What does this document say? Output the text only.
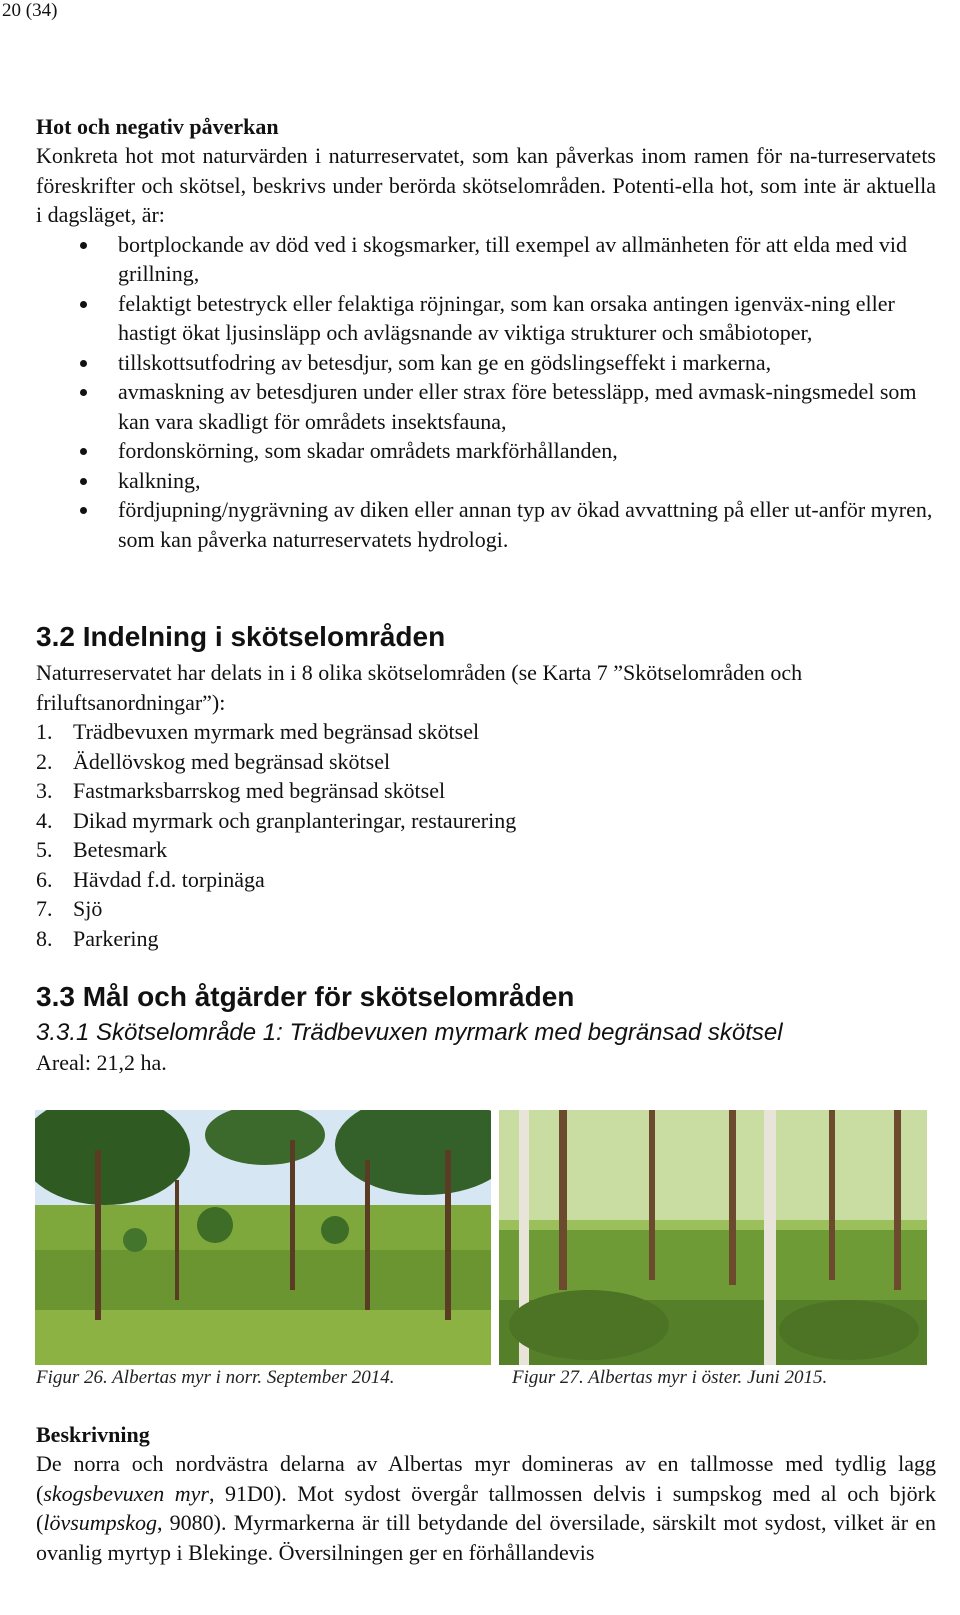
20 (34)
Hot och negativ påverkan
Konkreta hot mot naturvärden i naturreservatet, som kan påverkas inom ramen för na-turreservatets föreskrifter och skötsel, beskrivs under berörda skötselområden. Potenti-ella hot, som inte är aktuella i dagsläget, är:
bortplockande av död ved i skogsmarker, till exempel av allmänheten för att elda med vid grillning,
felaktigt betestryck eller felaktiga röjningar, som kan orsaka antingen igenväx-ning eller hastigt ökat ljusinsläpp och avlägsnande av viktiga strukturer och småbiotoper,
tillskottsutfodring av betesdjur, som kan ge en gödslingseffekt i markerna,
avmaskning av betesdjuren under eller strax före betessläpp, med avmask-ningsmedel som kan vara skadligt för områdets insektsfauna,
fordonskörning, som skadar områdets markförhållanden,
kalkning,
fördjupning/nygrävning av diken eller annan typ av ökad avvattning på eller ut-anför myren, som kan påverka naturreservatets hydrologi.
3.2 Indelning i skötselområden
Naturreservatet har delats in i 8 olika skötselområden (se Karta 7 ”Skötselområden och friluftsanordningar”):
1. Trädbevuxen myrmark med begränsad skötsel
2. Ädellövskog med begränsad skötsel
3. Fastmarksbarrskog med begränsad skötsel
4. Dikad myrmark och granplanteringar, restaurering
5. Betesmark
6. Hävdad f.d. torpinäga
7. Sjö
8. Parkering
3.3 Mål och åtgärder för skötselområden
3.3.1 Skötselområde 1: Trädbevuxen myrmark med begränsad skötsel
Areal: 21,2 ha.
Figur 26. Albertas myr i norr. September 2014.	Figur 27. Albertas myr i öster. Juni 2015.
Beskrivning
De norra och nordvästra delarna av Albertas myr domineras av en tallmosse med tydlig lagg (skogsbevuxen myr, 91D0). Mot sydost övergår tallmossen delvis i sumpskog med al och björk (lövsumpskog, 9080). Myrmarkerna är till betydande del översilade, särskilt mot sydost, vilket är en ovanlig myrtyp i Blekinge. Översilningen ger en förhållandevis
